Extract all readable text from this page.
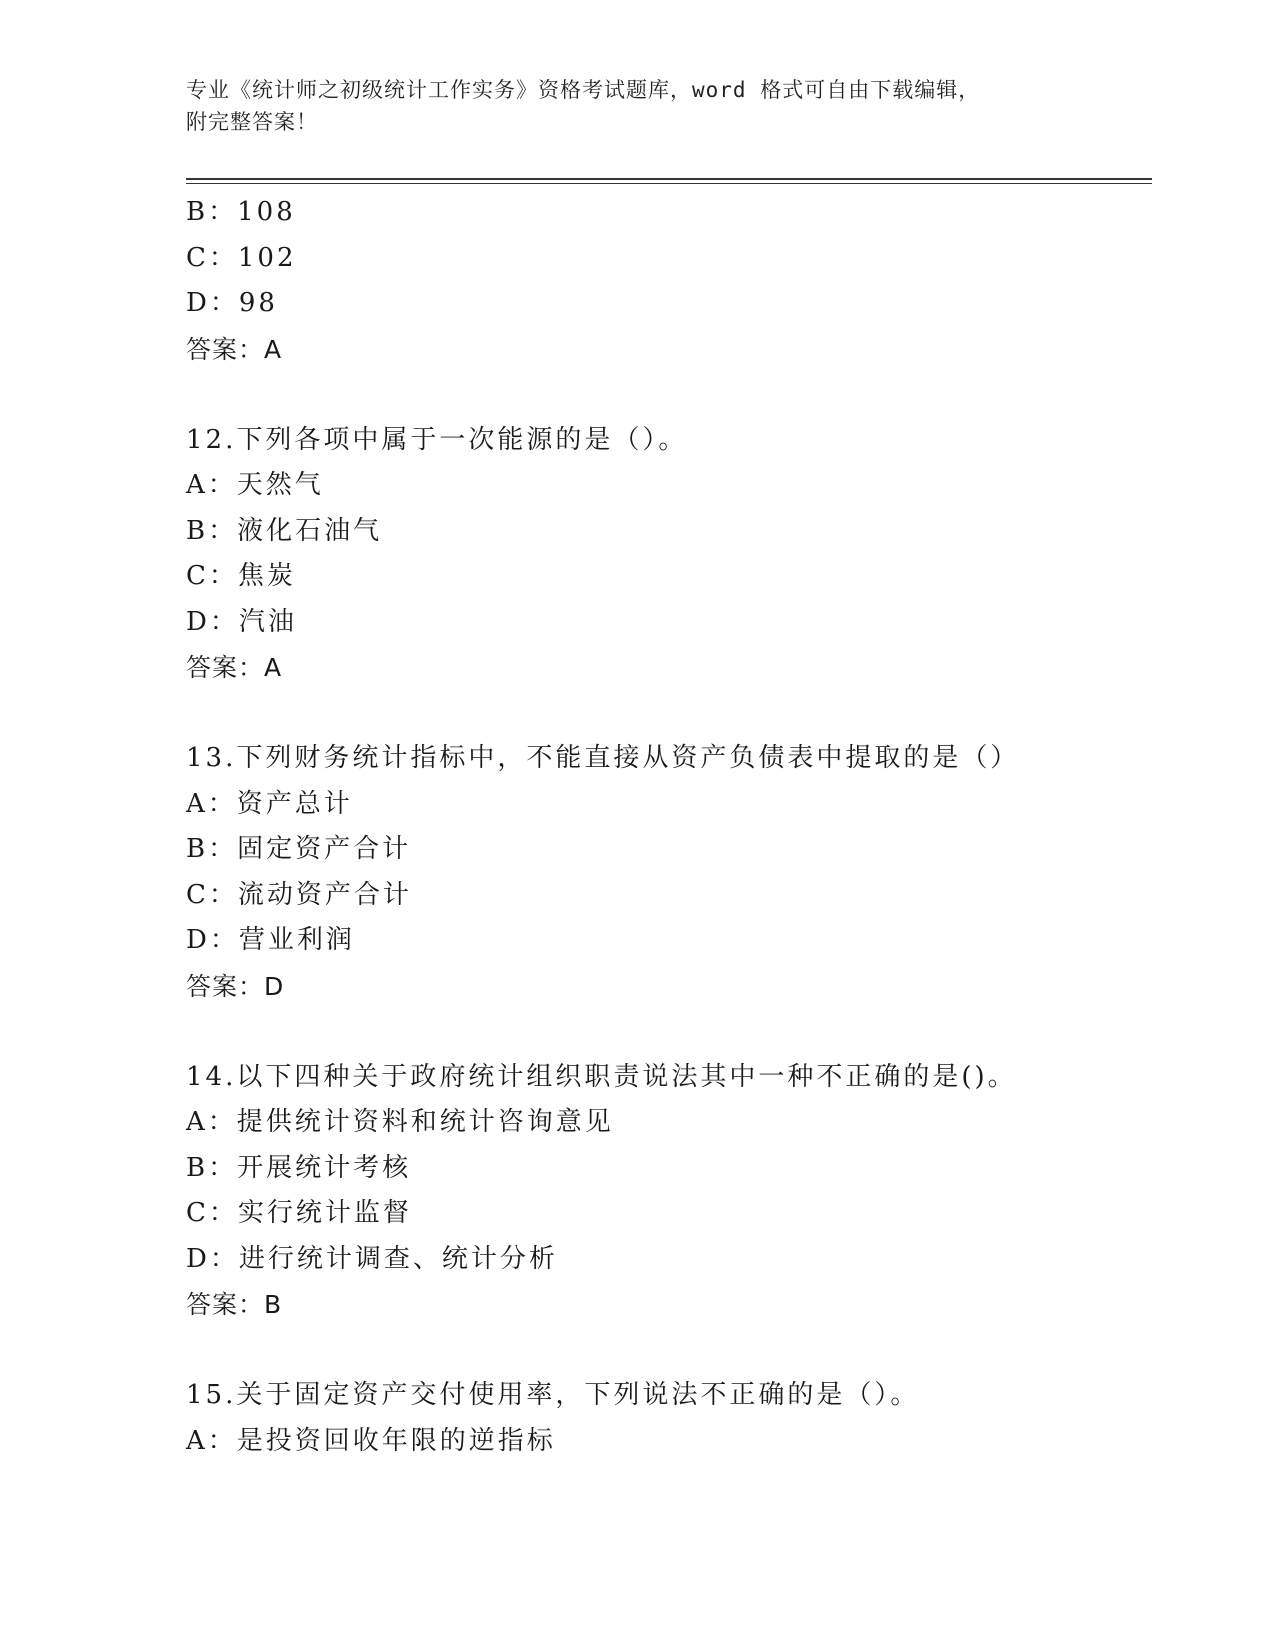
专业《统计师之初级统计工作实务》资格考试题库，word 格式可自由下载编辑，
附完整答案！
B：108
C：102
D：98
答案：A
12.下列各项中属于一次能源的是（）。
A：天然气
B：液化石油气
C：焦炭
D：汽油
答案：A
13.下列财务统计指标中，不能直接从资产负债表中提取的是（）
A：资产总计
B：固定资产合计
C：流动资产合计
D：营业利润
答案：D
14.以下四种关于政府统计组织职责说法其中一种不正确的是()。
A：提供统计资料和统计咨询意见
B：开展统计考核
C：实行统计监督
D：进行统计调查、统计分析
答案：B
15.关于固定资产交付使用率，下列说法不正确的是（）。
A：是投资回收年限的逆指标
